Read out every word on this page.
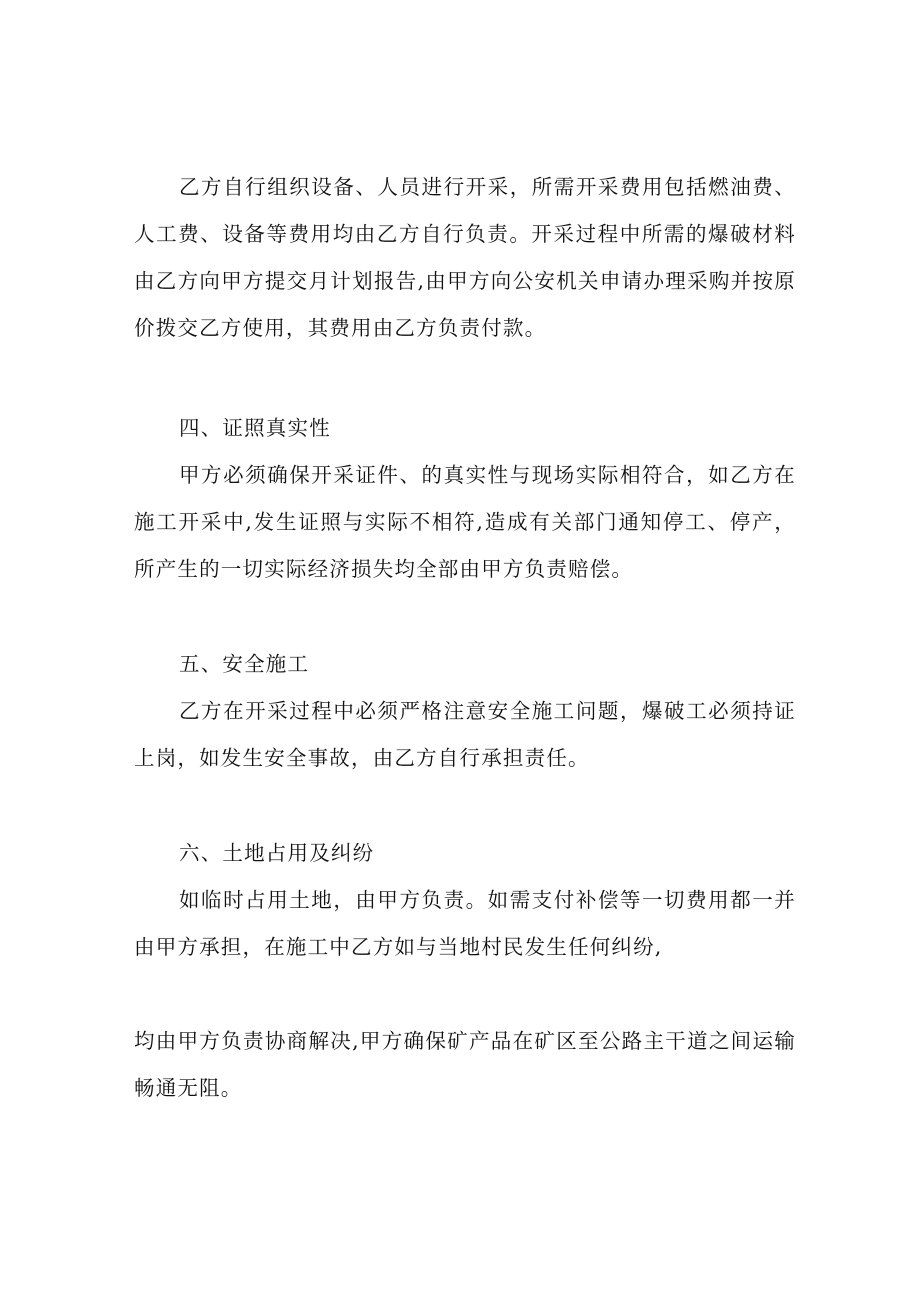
乙方自行组织设备、人员进行开采，所需开采费用包括燃油费、人工费、设备等费用均由乙方自行负责。开采过程中所需的爆破材料由乙方向甲方提交月计划报告,由甲方向公安机关申请办理采购并按原价拨交乙方使用，其费用由乙方负责付款。

四、证照真实性

甲方必须确保开采证件、的真实性与现场实际相符合，如乙方在施工开采中,发生证照与实际不相符,造成有关部门通知停工、停产，所产生的一切实际经济损失均全部由甲方负责赔偿。

五、安全施工

乙方在开采过程中必须严格注意安全施工问题，爆破工必须持证上岗，如发生安全事故，由乙方自行承担责任。

六、土地占用及纠纷

如临时占用土地，由甲方负责。如需支付补偿等一切费用都一并由甲方承担，在施工中乙方如与当地村民发生任何纠纷,

均由甲方负责协商解决,甲方确保矿产品在矿区至公路主干道之间运输畅通无阻。
